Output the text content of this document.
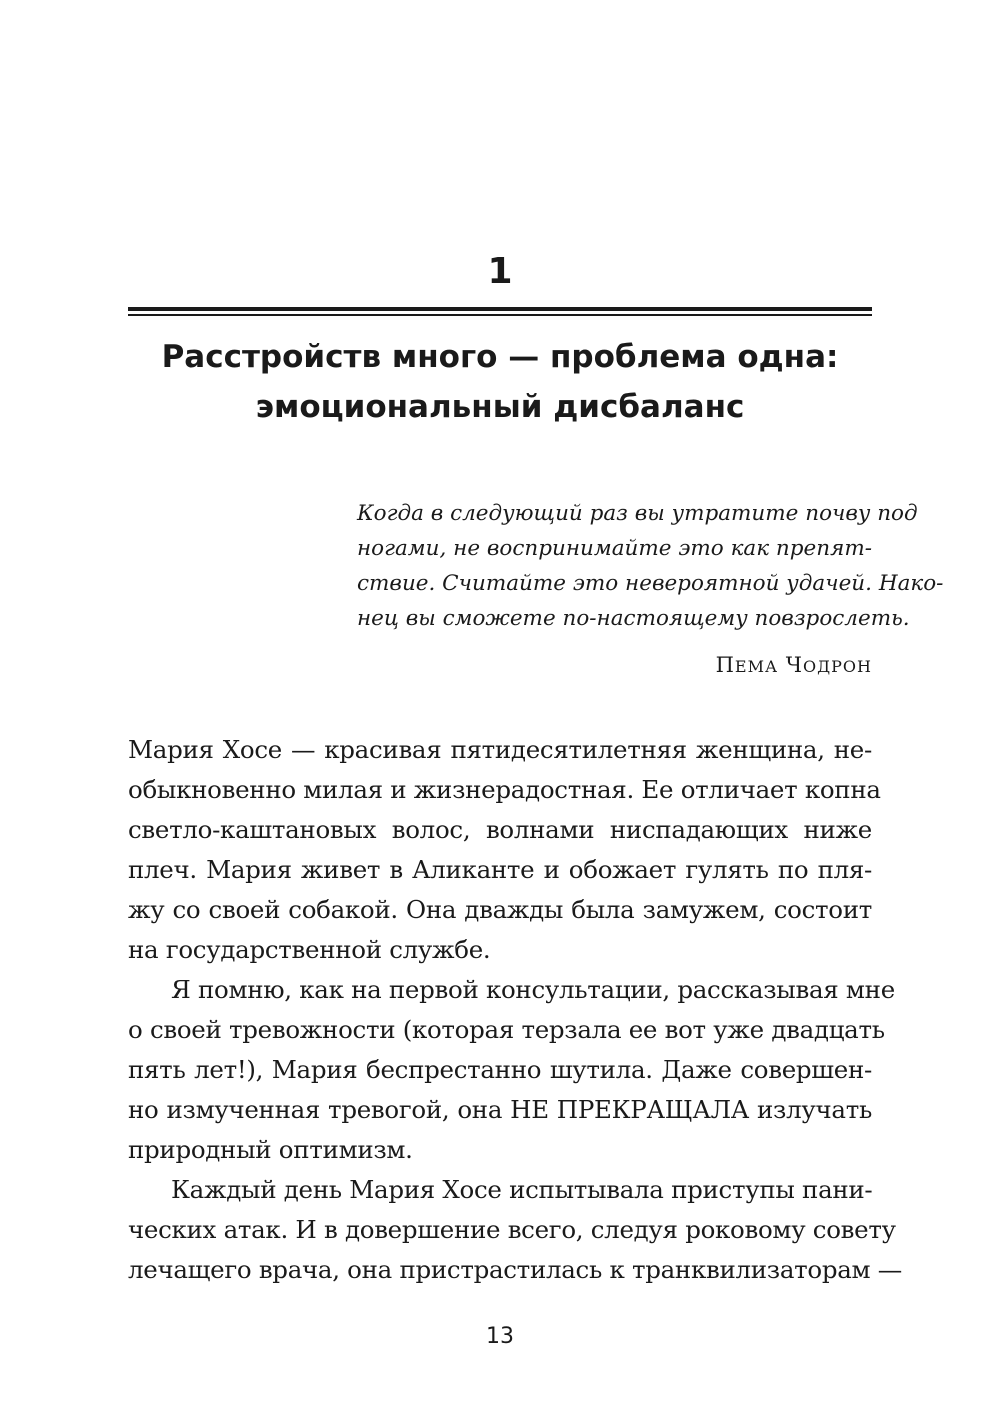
1
Расстройств много — проблема одна:
эмоциональный дисбаланс
Когда в следующий раз вы утратите почву под
ногами, не воспринимайте это как препят-
ствие. Считайте это невероятной удачей. Нако-
нец вы сможете по-настоящему повзрослеть.
ПЕМА ЧОДРОН
Мария Хосе — красивая пятидесятилетняя женщина, не-
обыкновенно милая и жизнерадостная. Ее отличает копна
светло-каштановых волос, волнами ниспадающих ниже
плеч. Мария живет в Аликанте и обожает гулять по пля-
жу со своей собакой. Она дважды была замужем, состоит
на государственной службе.
Я помню, как на первой консультации, рассказывая мне
о своей тревожности (которая терзала ее вот уже двадцать
пять лет!), Мария беспрестанно шутила. Даже совершен-
но измученная тревогой, она НЕ ПРЕКРАЩАЛА излучать
природный оптимизм.
Каждый день Мария Хосе испытывала приступы пани-
ческих атак. И в довершение всего, следуя роковому совету
лечащего врача, она пристрастилась к транквилизаторам —
13
